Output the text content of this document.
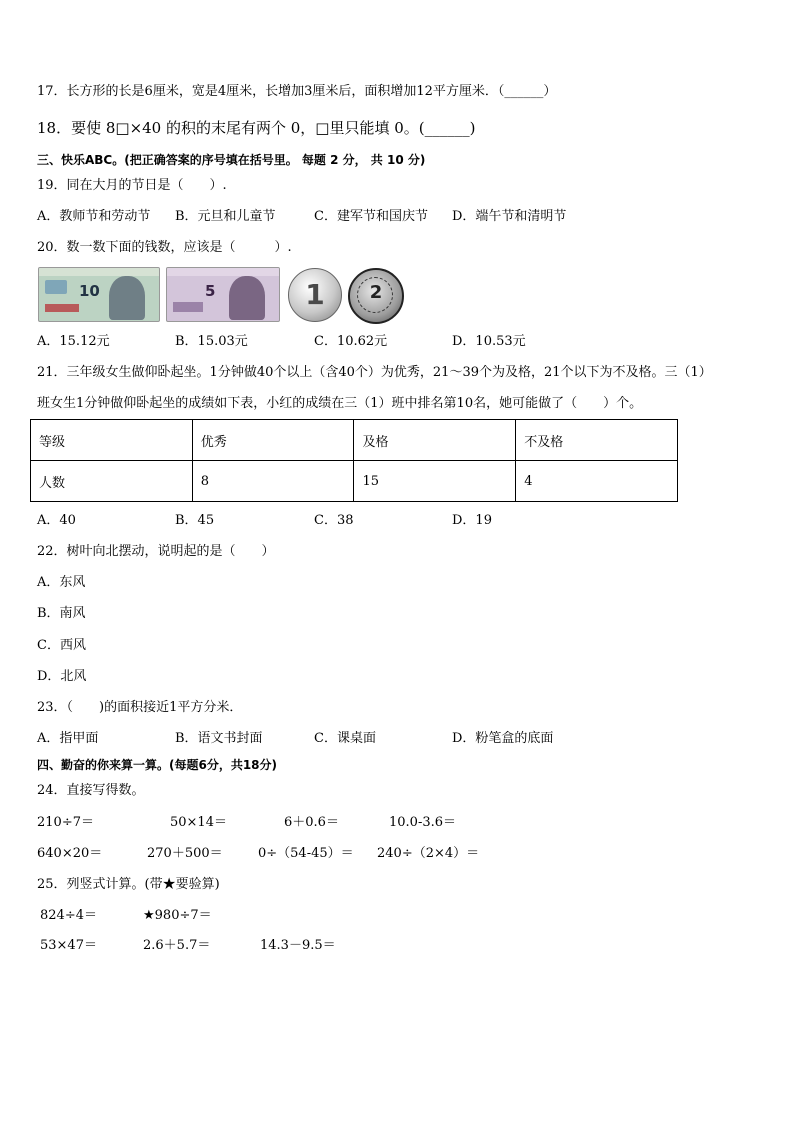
17．长方形的长是6厘米，宽是4厘米，长增加3厘米后，面积增加12平方厘米．（______）
18．要使 8□×40 的积的末尾有两个 0，□里只能填 0。(______)
三、快乐ABC。(把正确答案的序号填在括号里。 每题 2 分， 共 10 分)
19．同在大月的节日是（　　）.
A．教师节和劳动节 B．元旦和儿童节	C．建军节和国庆节 D．端午节和清明节
20．数一数下面的钱数，应该是（　　　）.
10	5	1	2
A．15.12元	B．15.03元	C．10.62元	D．10.53元
21．三年级女生做仰卧起坐。1分钟做40个以上（含40个）为优秀，21～39个为及格，21个以下为不及格。三（1）
班女生1分钟做仰卧起坐的成绩如下表，小红的成绩在三（1）班中排名第10名，她可能做了（　　）个。
等级	优秀	及格	不及格
人数	8	15	4
A．40	B．45	C．38	D．19
22．树叶向北摆动，说明起的是（　　）
A．东风
B．南风
C．西风
D．北风
23．（　　)的面积接近1平方分米．
A．指甲面	B．语文书封面	C．课桌面	D．粉笔盒的底面
四、勤奋的你来算一算。(每题6分，共18分)
24．直接写得数。
210÷7＝	50×14＝	6＋0.6＝	10.0-3.6＝
640×20＝	270＋500＝	0÷（54-45）＝ 240÷（2×4）＝
25．列竖式计算。(带★要验算)
824÷4＝	★980÷7＝
53×47＝	2.6＋5.7＝	14.3－9.5＝
